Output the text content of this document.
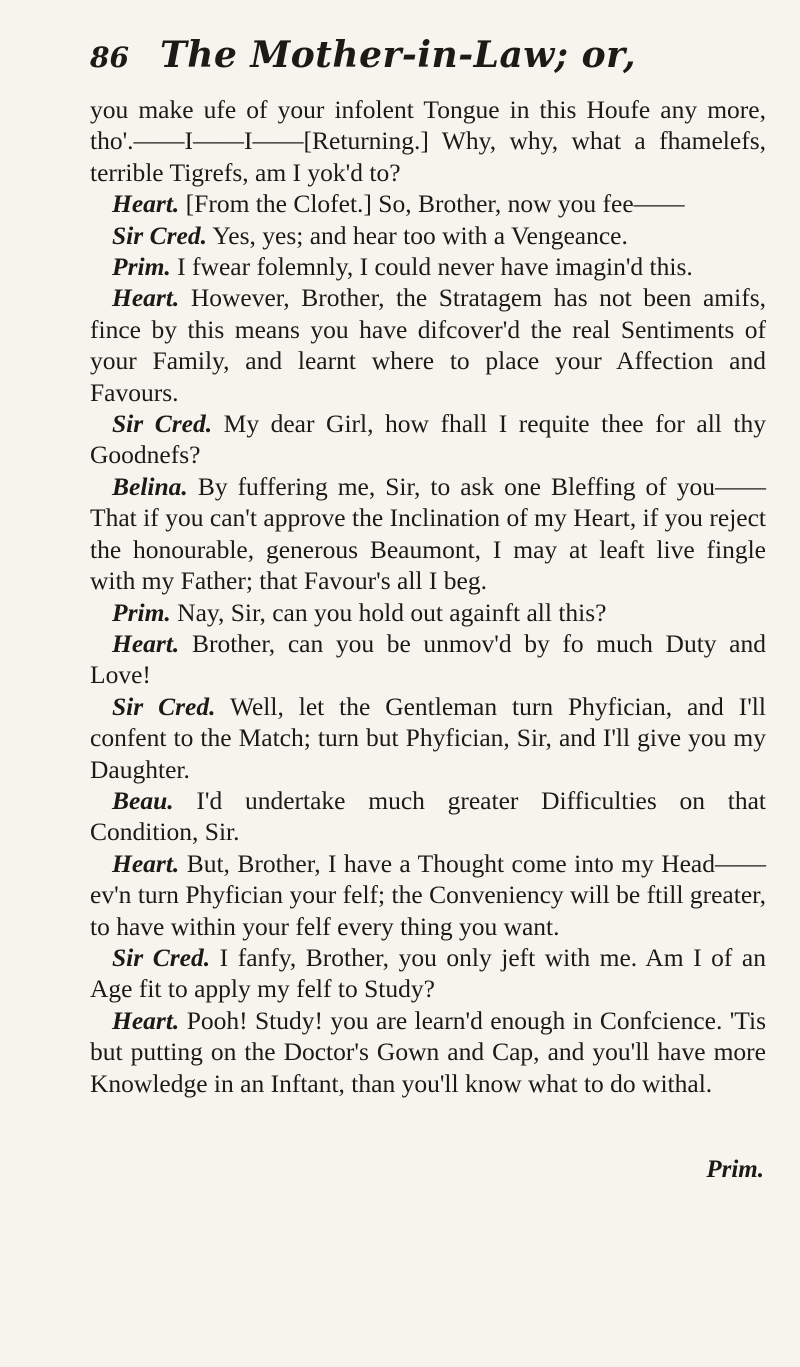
86 The Mother-in-Law; or,

you make ufe of your infolent Tongue in this Houfe any more, tho'.——I——I——[Returning.] Why, why, what a fhamelefs, terrible Tigrefs, am I yok'd to?

Heart. [From the Clofet.] So, Brother, now you fee——

Sir Cred. Yes, yes; and hear too with a Vengeance.

Prim. I fwear folemnly, I could never have imagin'd this.

Heart. However, Brother, the Stratagem has not been amifs, fince by this means you have difcover'd the real Sentiments of your Family, and learnt where to place your Affection and Favours.

Sir Cred. My dear Girl, how fhall I requite thee for all thy Goodnefs?

Belina. By fuffering me, Sir, to ask one Bleffing of you——That if you can't approve the Inclination of my Heart, if you reject the honourable, generous Beaumont, I may at leaft live fingle with my Father; that Favour's all I beg.

Prim. Nay, Sir, can you hold out againft all this?

Heart. Brother, can you be unmov'd by fo much Duty and Love!

Sir Cred. Well, let the Gentleman turn Phyfician, and I'll confent to the Match; turn but Phyfician, Sir, and I'll give you my Daughter.

Beau. I'd undertake much greater Difficulties on that Condition, Sir.

Heart. But, Brother, I have a Thought come into my Head——ev'n turn Phyfician your felf; the Conveniency will be ftill greater, to have within your felf every thing you want.

Sir Cred. I fanfy, Brother, you only jeft with me. Am I of an Age fit to apply my felf to Study?

Heart. Pooh! Study! you are learn'd enough in Confcience. 'Tis but putting on the Doctor's Gown and Cap, and you'll have more Knowledge in an Inftant, than you'll know what to do withal.

Prim.
